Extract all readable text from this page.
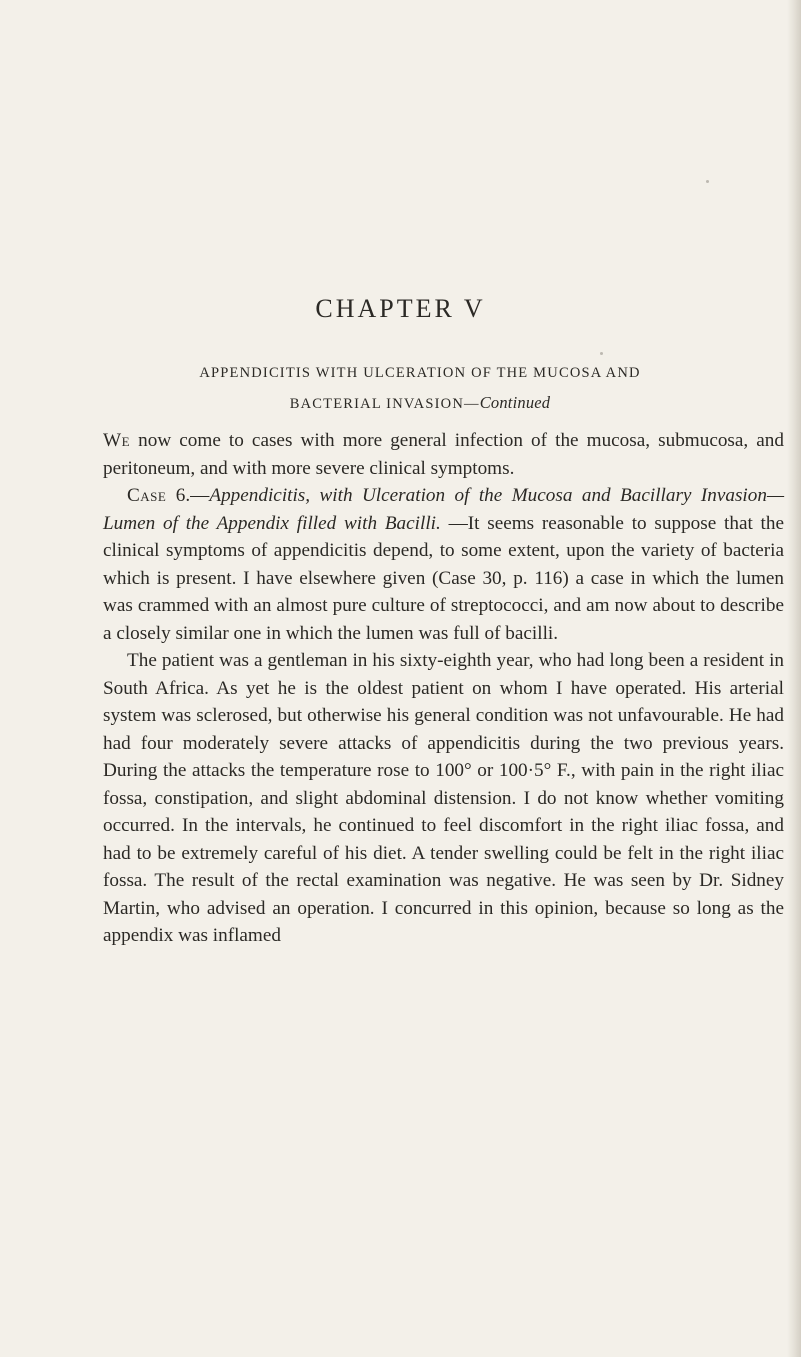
CHAPTER V
APPENDICITIS WITH ULCERATION OF THE MUCOSA AND
BACTERIAL INVASION—Continued

We now come to cases with more general infection of the mucosa, submucosa, and peritoneum, and with more severe clinical symptoms.

Case 6.—Appendicitis, with Ulceration of the Mucosa and Bacillary Invasion—Lumen of the Appendix filled with Bacilli. —It seems reasonable to suppose that the clinical symptoms of appendicitis depend, to some extent, upon the variety of bacteria which is present. I have elsewhere given (Case 30, p. 116) a case in which the lumen was crammed with an almost pure culture of streptococci, and am now about to describe a closely similar one in which the lumen was full of bacilli.

The patient was a gentleman in his sixty-eighth year, who had long been a resident in South Africa. As yet he is the oldest patient on whom I have operated. His arterial system was sclerosed, but otherwise his general condition was not unfavourable. He had had four moderately severe attacks of appendicitis during the two previous years. During the attacks the temperature rose to 100° or 100·5° F., with pain in the right iliac fossa, constipation, and slight abdominal distension. I do not know whether vomiting occurred. In the intervals, he continued to feel discomfort in the right iliac fossa, and had to be extremely careful of his diet. A tender swelling could be felt in the right iliac fossa. The result of the rectal examination was negative. He was seen by Dr. Sidney Martin, who advised an operation. I concurred in this opinion, because so long as the appendix was inflamed
